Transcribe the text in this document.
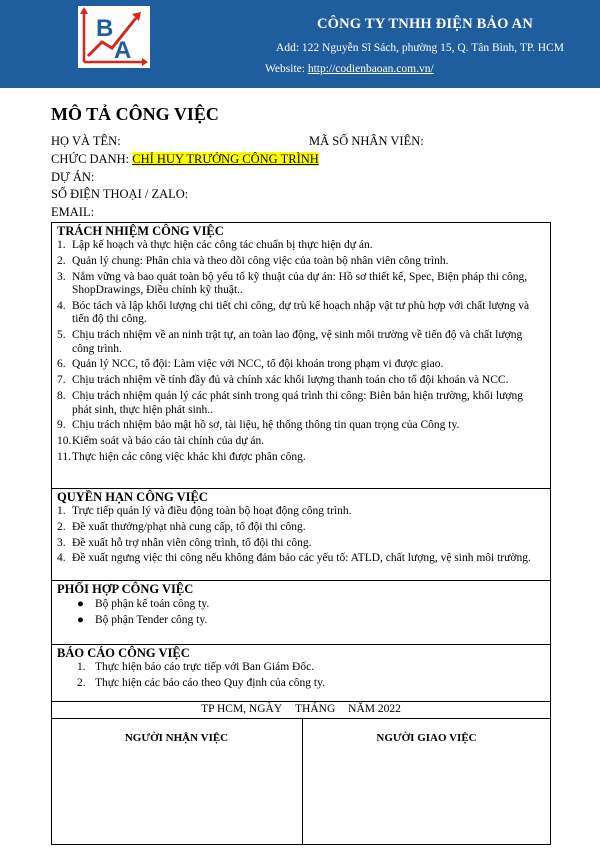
B
A
CÔNG TY TNHH ĐIỆN BẢO AN
Add: 122 Nguyễn Sĩ Sách, phường 15, Q. Tân Bình, TP. HCM
Website: http://codienbaoan.com.vn/
MÔ TẢ CÔNG VIỆC
HỌ VÀ TÊN:	MÃ SỐ NHÂN VIÊN:
CHỨC DANH: CHỈ HUY TRƯỞNG CÔNG TRÌNH
DỰ ÁN:
SỐ ĐIỆN THOẠI / ZALO:
EMAIL:
TRÁCH NHIỆM CÔNG VIỆC
1. Lập kế hoạch và thực hiện các công tác chuẩn bị thực hiện dự án.
2. Quản lý chung: Phân chia và theo dõi công việc của toàn bộ nhân viên công trình.
3. Nắm vững và bao quát toàn bộ yếu tố kỹ thuật của dự án: Hồ sơ thiết kế, Spec, Biện pháp thi công, ShopDrawings, Điều chỉnh kỹ thuật..
4. Bóc tách và lập khối lượng chi tiết chi công, dự trù kế hoạch nhập vật tư phù hợp với chất lượng và tiến độ thi công.
5. Chịu trách nhiệm về an ninh trật tự, an toàn lao động, vệ sinh môi trường về tiến độ và chất lượng công trình.
6. Quản lý NCC, tổ đội: Làm việc với NCC, tổ đội khoán trong phạm vi được giao.
7. Chịu trách nhiệm về tính đầy đủ và chính xác khối lượng thanh toán cho tổ đội khoán và NCC.
8. Chịu trách nhiệm quản lý các phát sinh trong quá trình thi công: Biên bản hiện trường, khối lượng phát sinh, thực hiện phát sinh..
9. Chịu trách nhiệm bảo mật hồ sơ, tài liệu, hệ thống thông tin quan trọng của Công ty.
10. Kiểm soát và báo cáo tài chính của dự án.
11. Thực hiện các công việc khác khi được phân công.
QUYỀN HẠN CÔNG VIỆC
1. Trực tiếp quản lý và điều động toàn bộ hoạt động công trình.
2. Đề xuất thưởng/phạt nhà cung cấp, tổ đội thi công.
3. Đề xuất hỗ trợ nhân viên công trình, tổ đội thi công.
4. Đề xuất ngưng việc thi công nếu không đảm bảo các yếu tố: ATLD, chất lượng, vệ sinh môi trường.
PHỐI HỢP CÔNG VIỆC
● Bộ phận kế toán công ty.
● Bộ phận Tender công ty.
BÁO CÁO CÔNG VIỆC
1. Thực hiện báo cáo trực tiếp với Ban Giám Đốc.
2. Thực hiện các báo cáo theo Quy định của công ty.
TP HCM, NGÀY THÁNG NĂM 2022
NGƯỜI NHẬN VIỆC	NGƯỜI GIAO VIỆC
